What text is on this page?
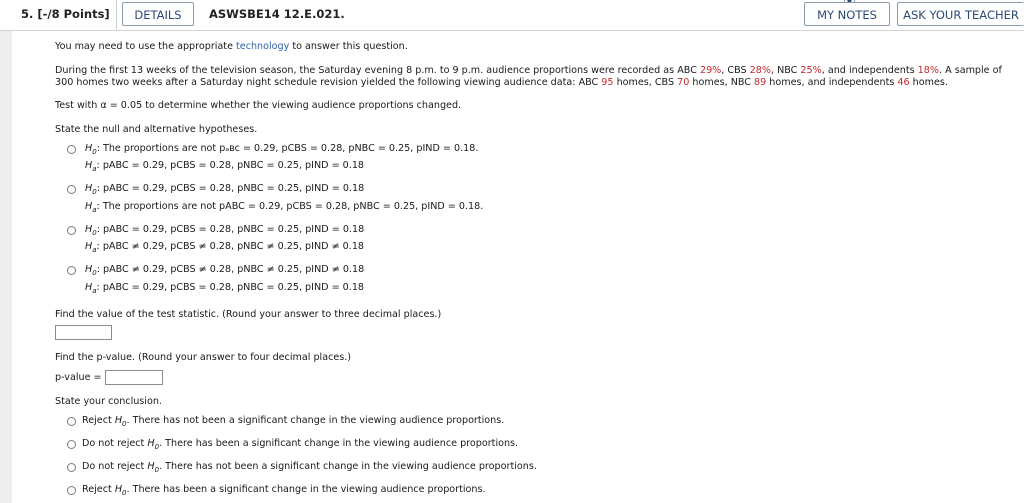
5. [-/8 Points]	DETAILS	ASWSBE14 12.E.021.	MY NOTES	ASK YOUR TEACHER
You may need to use the appropriate technology to answer this question.
During the first 13 weeks of the television season, the Saturday evening 8 p.m. to 9 p.m. audience proportions were recorded as ABC 29%, CBS 28%, NBC 25%, and independents 18%. A sample of
300 homes two weeks after a Saturday night schedule revision yielded the following viewing audience data: ABC 95 homes, CBS 70 homes, NBC 89 homes, and independents 46 homes.
Test with α = 0.05 to determine whether the viewing audience proportions changed.
State the null and alternative hypotheses.
$H_0$: The proportions are not pₐʙᴄ = 0.29, pCBS = 0.28, pNBC = 0.25, pIND = 0.18.
$H_a$: pABC = 0.29, pCBS = 0.28, pNBC = 0.25, pIND = 0.18
$H_0$: pABC = 0.29, pCBS = 0.28, pNBC = 0.25, pIND = 0.18
$H_a$: The proportions are not pABC = 0.29, pCBS = 0.28, pNBC = 0.25, pIND = 0.18.
$H_0$: pABC = 0.29, pCBS = 0.28, pNBC = 0.25, pIND = 0.18
$H_a$: pABC ≠ 0.29, pCBS ≠ 0.28, pNBC ≠ 0.25, pIND ≠ 0.18
$H_0$: pABC ≠ 0.29, pCBS ≠ 0.28, pNBC ≠ 0.25, pIND ≠ 0.18
$H_a$: pABC = 0.29, pCBS = 0.28, pNBC = 0.25, pIND = 0.18
Find the value of the test statistic. (Round your answer to three decimal places.)
Find the p-value. (Round your answer to four decimal places.)
p-value =
State your conclusion.
Reject $H_0$. There has not been a significant change in the viewing audience proportions.
Do not reject $H_0$. There has been a significant change in the viewing audience proportions.
Do not reject $H_0$. There has not been a significant change in the viewing audience proportions.
Reject $H_0$. There has been a significant change in the viewing audience proportions.
